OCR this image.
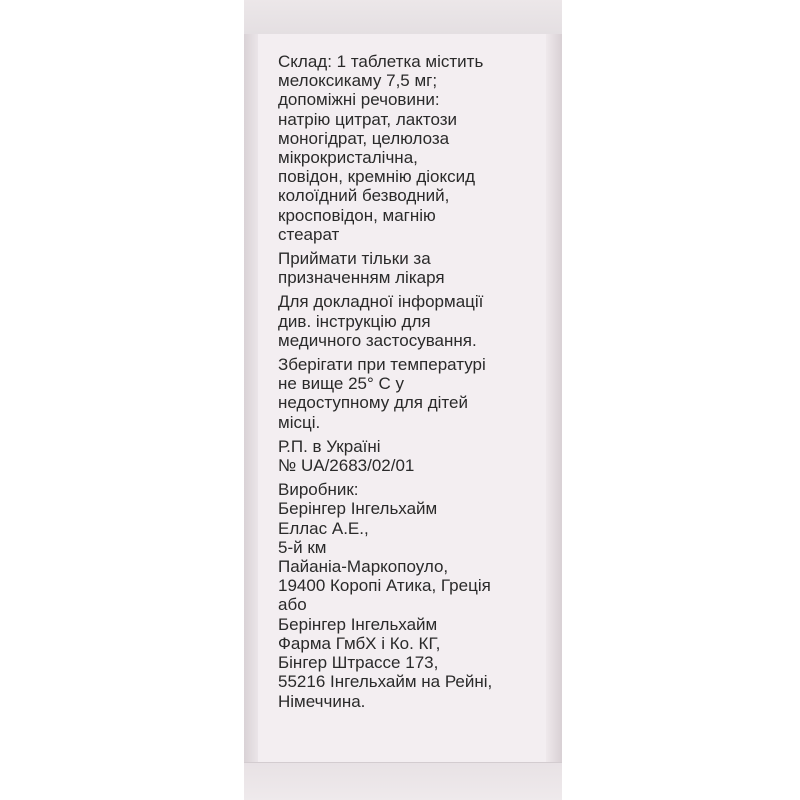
Склад: 1 таблетка містить
мелоксикаму 7,5 мг;
допоміжні речовини:
натрію цитрат, лактози
моногідрат, целюлоза
мікрокристалічна,
повідон, кремнію діоксид
колоїдний безводний,
кросповідон, магнію
стеарат
Приймати тільки за
призначенням лікаря
Для докладної інформації
див. інструкцію для
медичного застосування.
Зберігати при температурі
не вище 25° С у
недоступному для дітей
місці.
Р.П. в Україні
№ UA/2683/02/01
Виробник:
Берінгер Інгельхайм
Еллас А.Е.,
5-й км
Пайаніа-Маркопоуло,
19400 Коропі Атика, Греція
або
Берінгер Інгельхайм
Фарма ГмбХ і Ко. КГ,
Бінгер Штрассе 173,
55216 Інгельхайм на Рейні,
Німеччина.
